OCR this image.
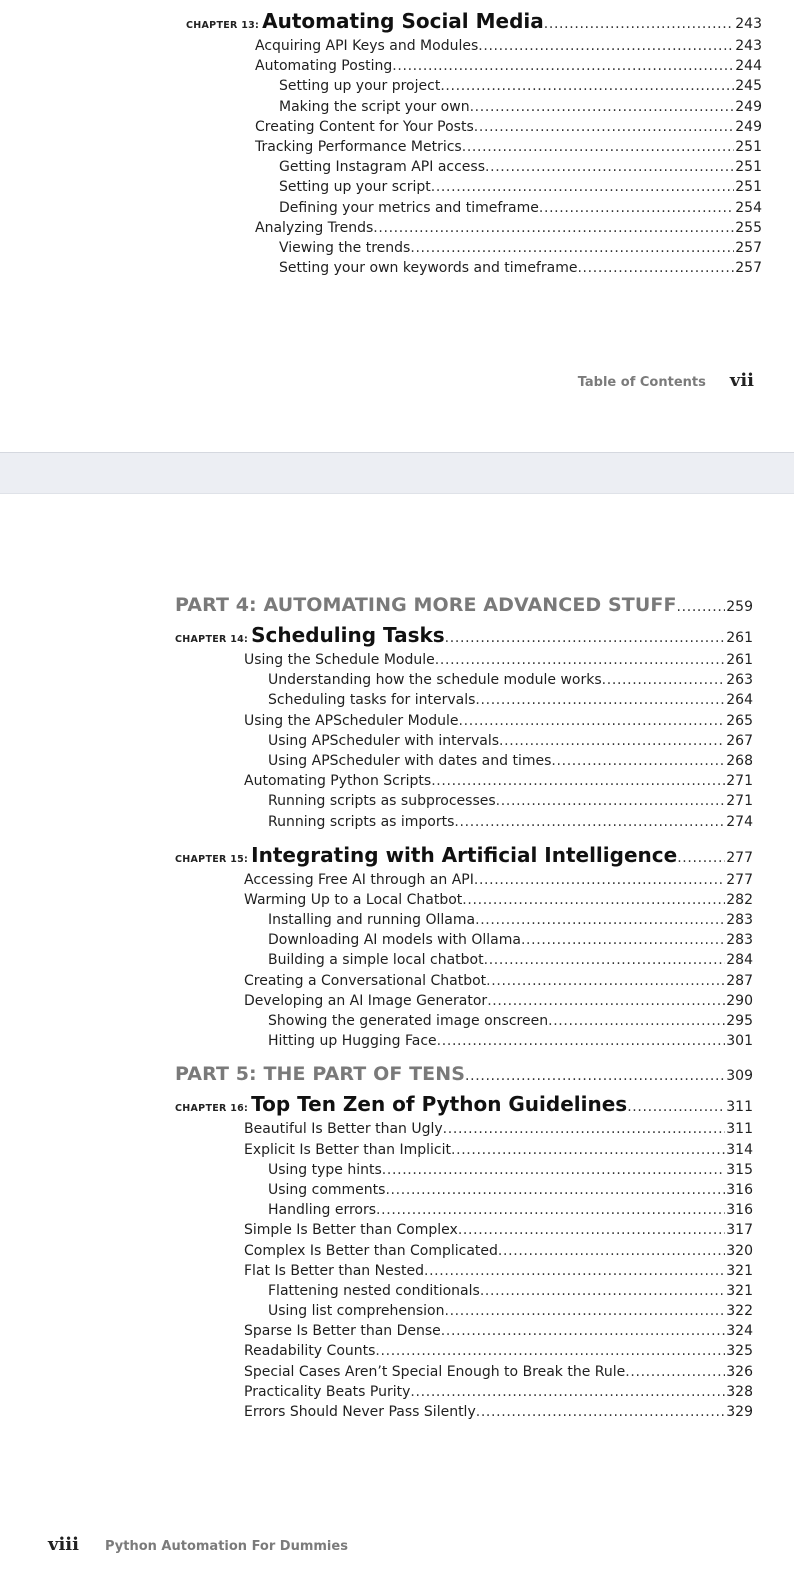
CHAPTER 13: Automating Social Media . . .	243
Acquiring API Keys and Modules . . .	243
Automating Posting . . .	244
Setting up your project . . .	245
Making the script your own . . .	249
Creating Content for Your Posts . . .	249
Tracking Performance Metrics . . .	251
Getting Instagram API access . . .	251
Setting up your script . . .	251
Defining your metrics and timeframe . . .	254
Analyzing Trends . . .	255
Viewing the trends . . .	257
Setting your own keywords and timeframe . . .	257
Table of Contents vii
PART 4: AUTOMATING MORE ADVANCED STUFF . . .	259
CHAPTER 14: Scheduling Tasks . . .	261
Using the Schedule Module . . .	261
Understanding how the schedule module works . . .	263
Scheduling tasks for intervals . . .	264
Using the APScheduler Module . . .	265
Using APScheduler with intervals . . .	267
Using APScheduler with dates and times . . .	268
Automating Python Scripts . . .	271
Running scripts as subprocesses . . .	271
Running scripts as imports . . .	274
CHAPTER 15: Integrating with Artificial Intelligence . . .	277
Accessing Free AI through an API . . .	277
Warming Up to a Local Chatbot . . .	282
Installing and running Ollama . . .	283
Downloading AI models with Ollama . . .	283
Building a simple local chatbot . . .	284
Creating a Conversational Chatbot . . .	287
Developing an AI Image Generator . . .	290
Showing the generated image onscreen . . .	295
Hitting up Hugging Face . . .	301
PART 5: THE PART OF TENS . . .	309
CHAPTER 16: Top Ten Zen of Python Guidelines . . .	311
Beautiful Is Better than Ugly . . .	311
Explicit Is Better than Implicit . . .	314
Using type hints . . .	315
Using comments . . .	316
Handling errors . . .	316
Simple Is Better than Complex . . .	317
Complex Is Better than Complicated . . .	320
Flat Is Better than Nested . . .	321
Flattening nested conditionals . . .	321
Using list comprehension . . .	322
Sparse Is Better than Dense . . .	324
Readability Counts . . .	325
Special Cases Aren’t Special Enough to Break the Rule . . .	326
Practicality Beats Purity . . .	328
Errors Should Never Pass Silently . . .	329
viii Python Automation For Dummies
